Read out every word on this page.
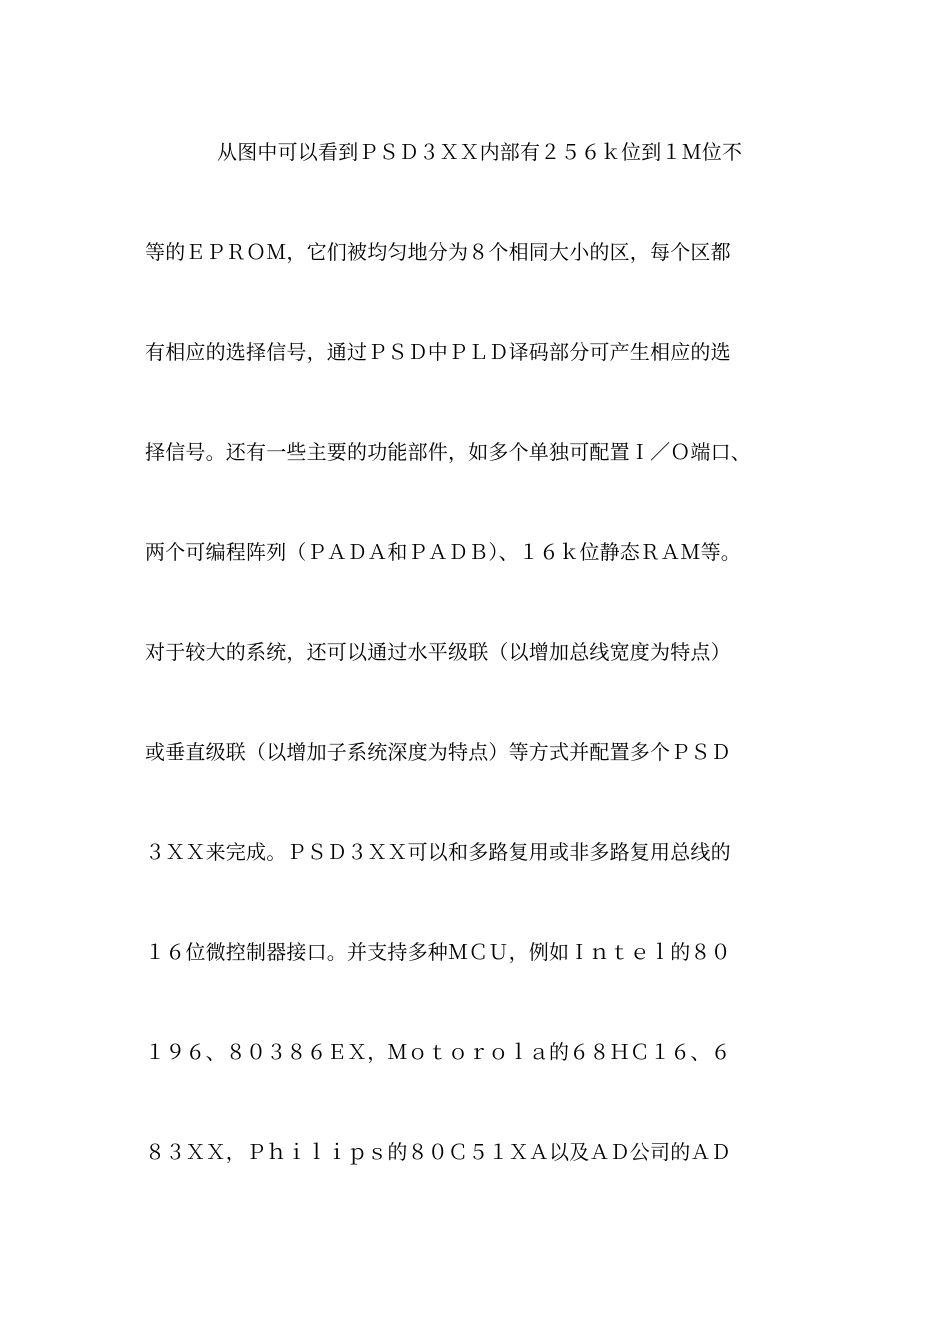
从图中可以看到ＰＳＤ３ＸＸ内部有２５６ｋ位到１Ｍ位不
等的ＥＰＲＯＭ，它们被均匀地分为８个相同大小的区，每个区都
有相应的选择信号，通过ＰＳＤ中ＰＬＤ译码部分可产生相应的选
择信号。还有一些主要的功能部件，如多个单独可配置Ｉ／Ｏ端口、
两个可编程阵列（ＰＡＤＡ和ＰＡＤＢ）、１６ｋ位静态ＲＡＭ等。
对于较大的系统，还可以通过水平级联（以增加总线宽度为特点）
或垂直级联（以增加子系统深度为特点）等方式并配置多个ＰＳＤ
３ＸＸ来完成。ＰＳＤ３ＸＸ可以和多路复用或非多路复用总线的
１６位微控制器接口。并支持多种ＭＣＵ，例如Ｉｎｔｅｌ的８０
１９６、８０３８６ＥＸ，Ｍｏｔｏｒｏｌａ的６８ＨＣ１６、６
８３ＸＸ，Ｐｈｉｌｉｐｓ的８０Ｃ５１ＸＡ以及ＡＤ公司的ＡＤ
